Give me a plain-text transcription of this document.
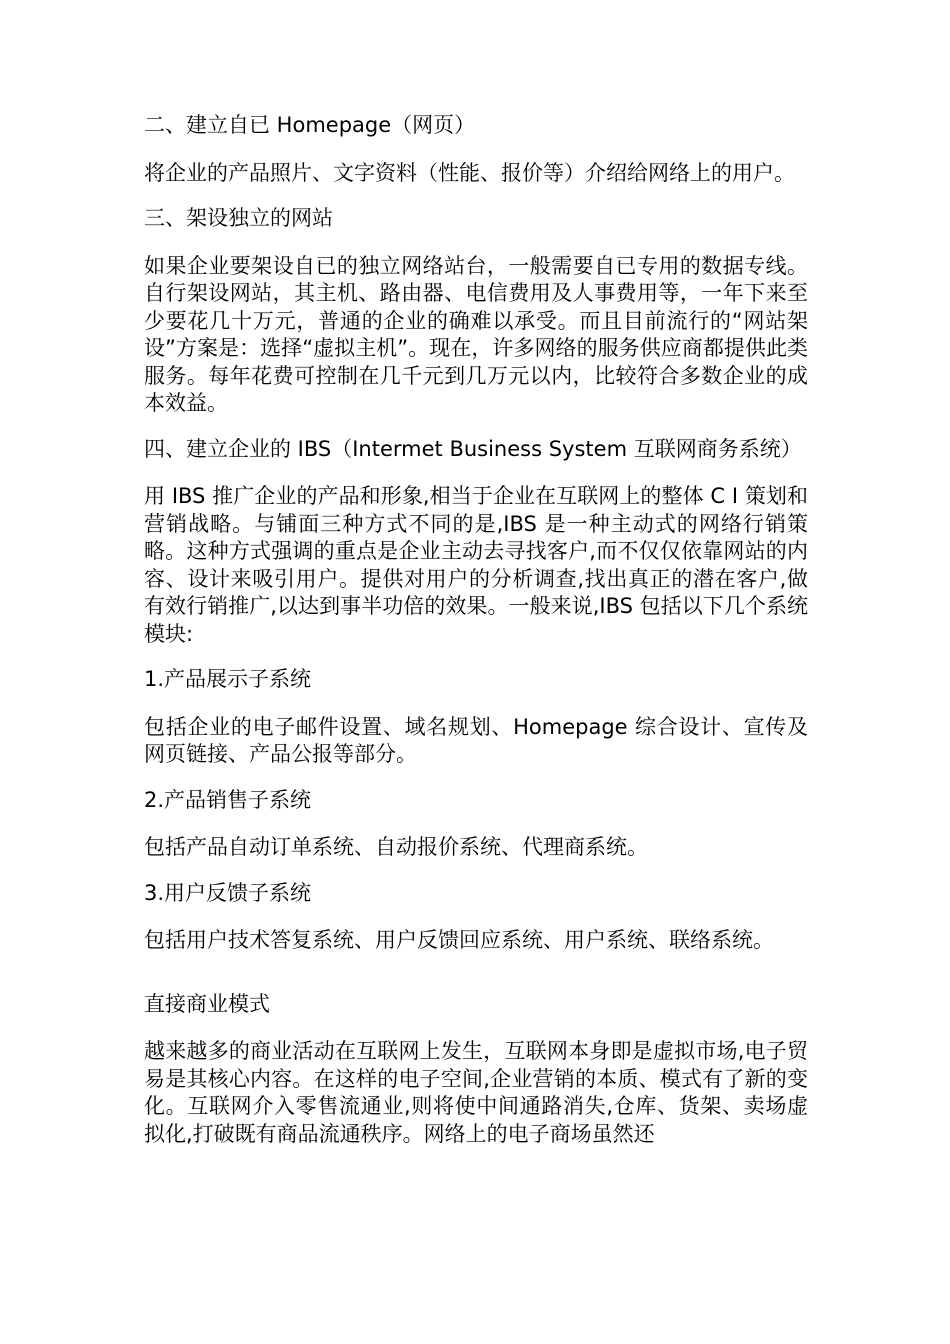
二、建立自已 Homepage（网页）

将企业的产品照片、文字资料（性能、报价等）介绍给网络上的用户。

三、架设独立的网站

如果企业要架设自已的独立网络站台，一般需要自已专用的数据专线。自行架设网站，其主机、路由器、电信费用及人事费用等，一年下来至少要花几十万元，普通的企业的确难以承受。而且目前流行的“网站架设”方案是：选择“虚拟主机”。现在，许多网络的服务供应商都提供此类服务。每年花费可控制在几千元到几万元以内，比较符合多数企业的成本效益。

四、建立企业的 IBS（Intermet Business System 互联网商务系统）

用 IBS 推广企业的产品和形象,相当于企业在互联网上的整体 C Ⅰ 策划和营销战略。与铺面三种方式不同的是,IBS 是一种主动式的网络行销策略。这种方式强调的重点是企业主动去寻找客户,而不仅仅依靠网站的内容、设计来吸引用户。提供对用户的分析调查,找出真正的潜在客户,做有效行销推广,以达到事半功倍的效果。一般来说,IBS 包括以下几个系统模块:

1.产品展示子系统

包括企业的电子邮件设置、域名规划、Homepage 综合设计、宣传及网页链接、产品公报等部分。

2.产品销售子系统

包括产品自动订单系统、自动报价系统、代理商系统。

3.用户反馈子系统

包括用户技术答复系统、用户反馈回应系统、用户系统、联络系统。

直接商业模式

越来越多的商业活动在互联网上发生，互联网本身即是虚拟市场,电子贸易是其核心内容。在这样的电子空间,企业营销的本质、模式有了新的变化。互联网介入零售流通业,则将使中间通路消失,仓库、货架、卖场虚拟化,打破既有商品流通秩序。网络上的电子商场虽然还
